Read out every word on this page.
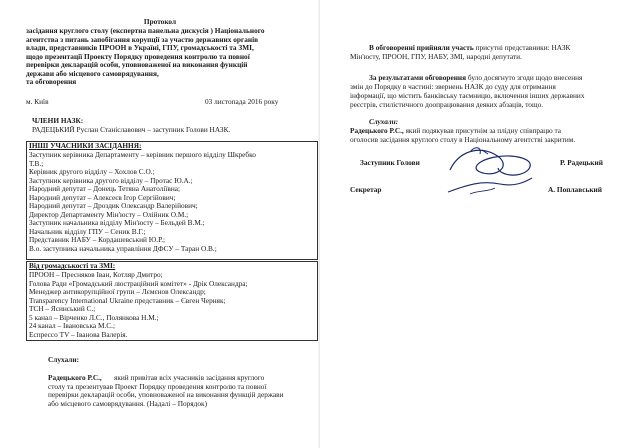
Протокол
засідання круглого столу (експертна панельна дискусія ) Національного
агентства з питань запобігання корупції за участю державних органів
влади, представників ПРООН в Україні, ГПУ, громадськості та ЗМІ,
щодо презентації Проекту Порядку проведення контролю та повної
перевірки декларацій особи, уповноваженої на виконання функцій
держави або місцевого самоврядування,
та обговорення
м. Київ	03 листопада 2016 року
ЧЛЕНИ НАЗК:
РАДЕЦЬКИЙ Руслан Станіславович – заступник Голови НАЗК.
ІНШІ УЧАСНИКИ ЗАСІДАННЯ:
Заступник керівника Департаменту – керівник першого відділу Шкребко
Т.В.;
Керівник другого відділу – Хохлов С.О.;
Заступник керівника другого відділу – Протас Ю.А.;
Народний депутат – Донець Тетяна Анатоліївна;
Народний депутат – Алексеєв Ігор Сергійович;
Народний депутат – Дроздик Олександр Валерійович;
Директор Департаменту Мін'юсту – Олійник О.М.;
Заступник начальника відділу Мін'юсту – Бельдей В.М.;
Начальник відділу ГПУ – Сеник В.Г.;
Представник НАБУ – Кордашевський Ю.Р.;
В.о. заступника начальника управління ДФСУ – Таран О.В.;
Від громадськості та ЗМІ:
ПРООН – Пресняков Іван, Котляр Дмитро;
Голова Ради «Громадський люстраційний комітет» - Дрік Олександра;
Менеджер антикорупційної групи – Лємєнов Олександр;
Transparency International Ukraine представник – Євген Черняк;
ТСН – Ясинський С.;
5 канал – Вірченко Л.С., Полянкова Н.М.;
24 канал – Івановська М.С.;
Еспрессо TV – Іванова Валерія.
Слухали:
Радецького Р.С., який привітав всіх учасників засідання круглого
столу та презентував Проект Порядку проведення контролю та повної
перевірки декларацій особи, уповноваженої на виконання функцій держави
або місцевого самоврядування. (Надалі – Порядок)
В обговоренні прийняли участь присутні представники: НАЗК
Мін'юсту, ПРООН, ГПУ, НАБУ, ЗМІ, народні депутати.
За результатами обговорення було досягнуто згоди щодо внесення
змін до Порядку в частині: звернень НАЗК до суду для отримання
інформації, що містить банківську таємницю, включення інших державних
реєстрів, стилістичного доопрацювання деяких абзаців, тощо.
Слухали:
Радецького Р.С., який подякував присутнім за плідну співпрацю та
оголосив засідання круглого столу в Національному агентстві закритим.
Заступник Голови	Р. Радецький
Секретар	А. Поплавський
